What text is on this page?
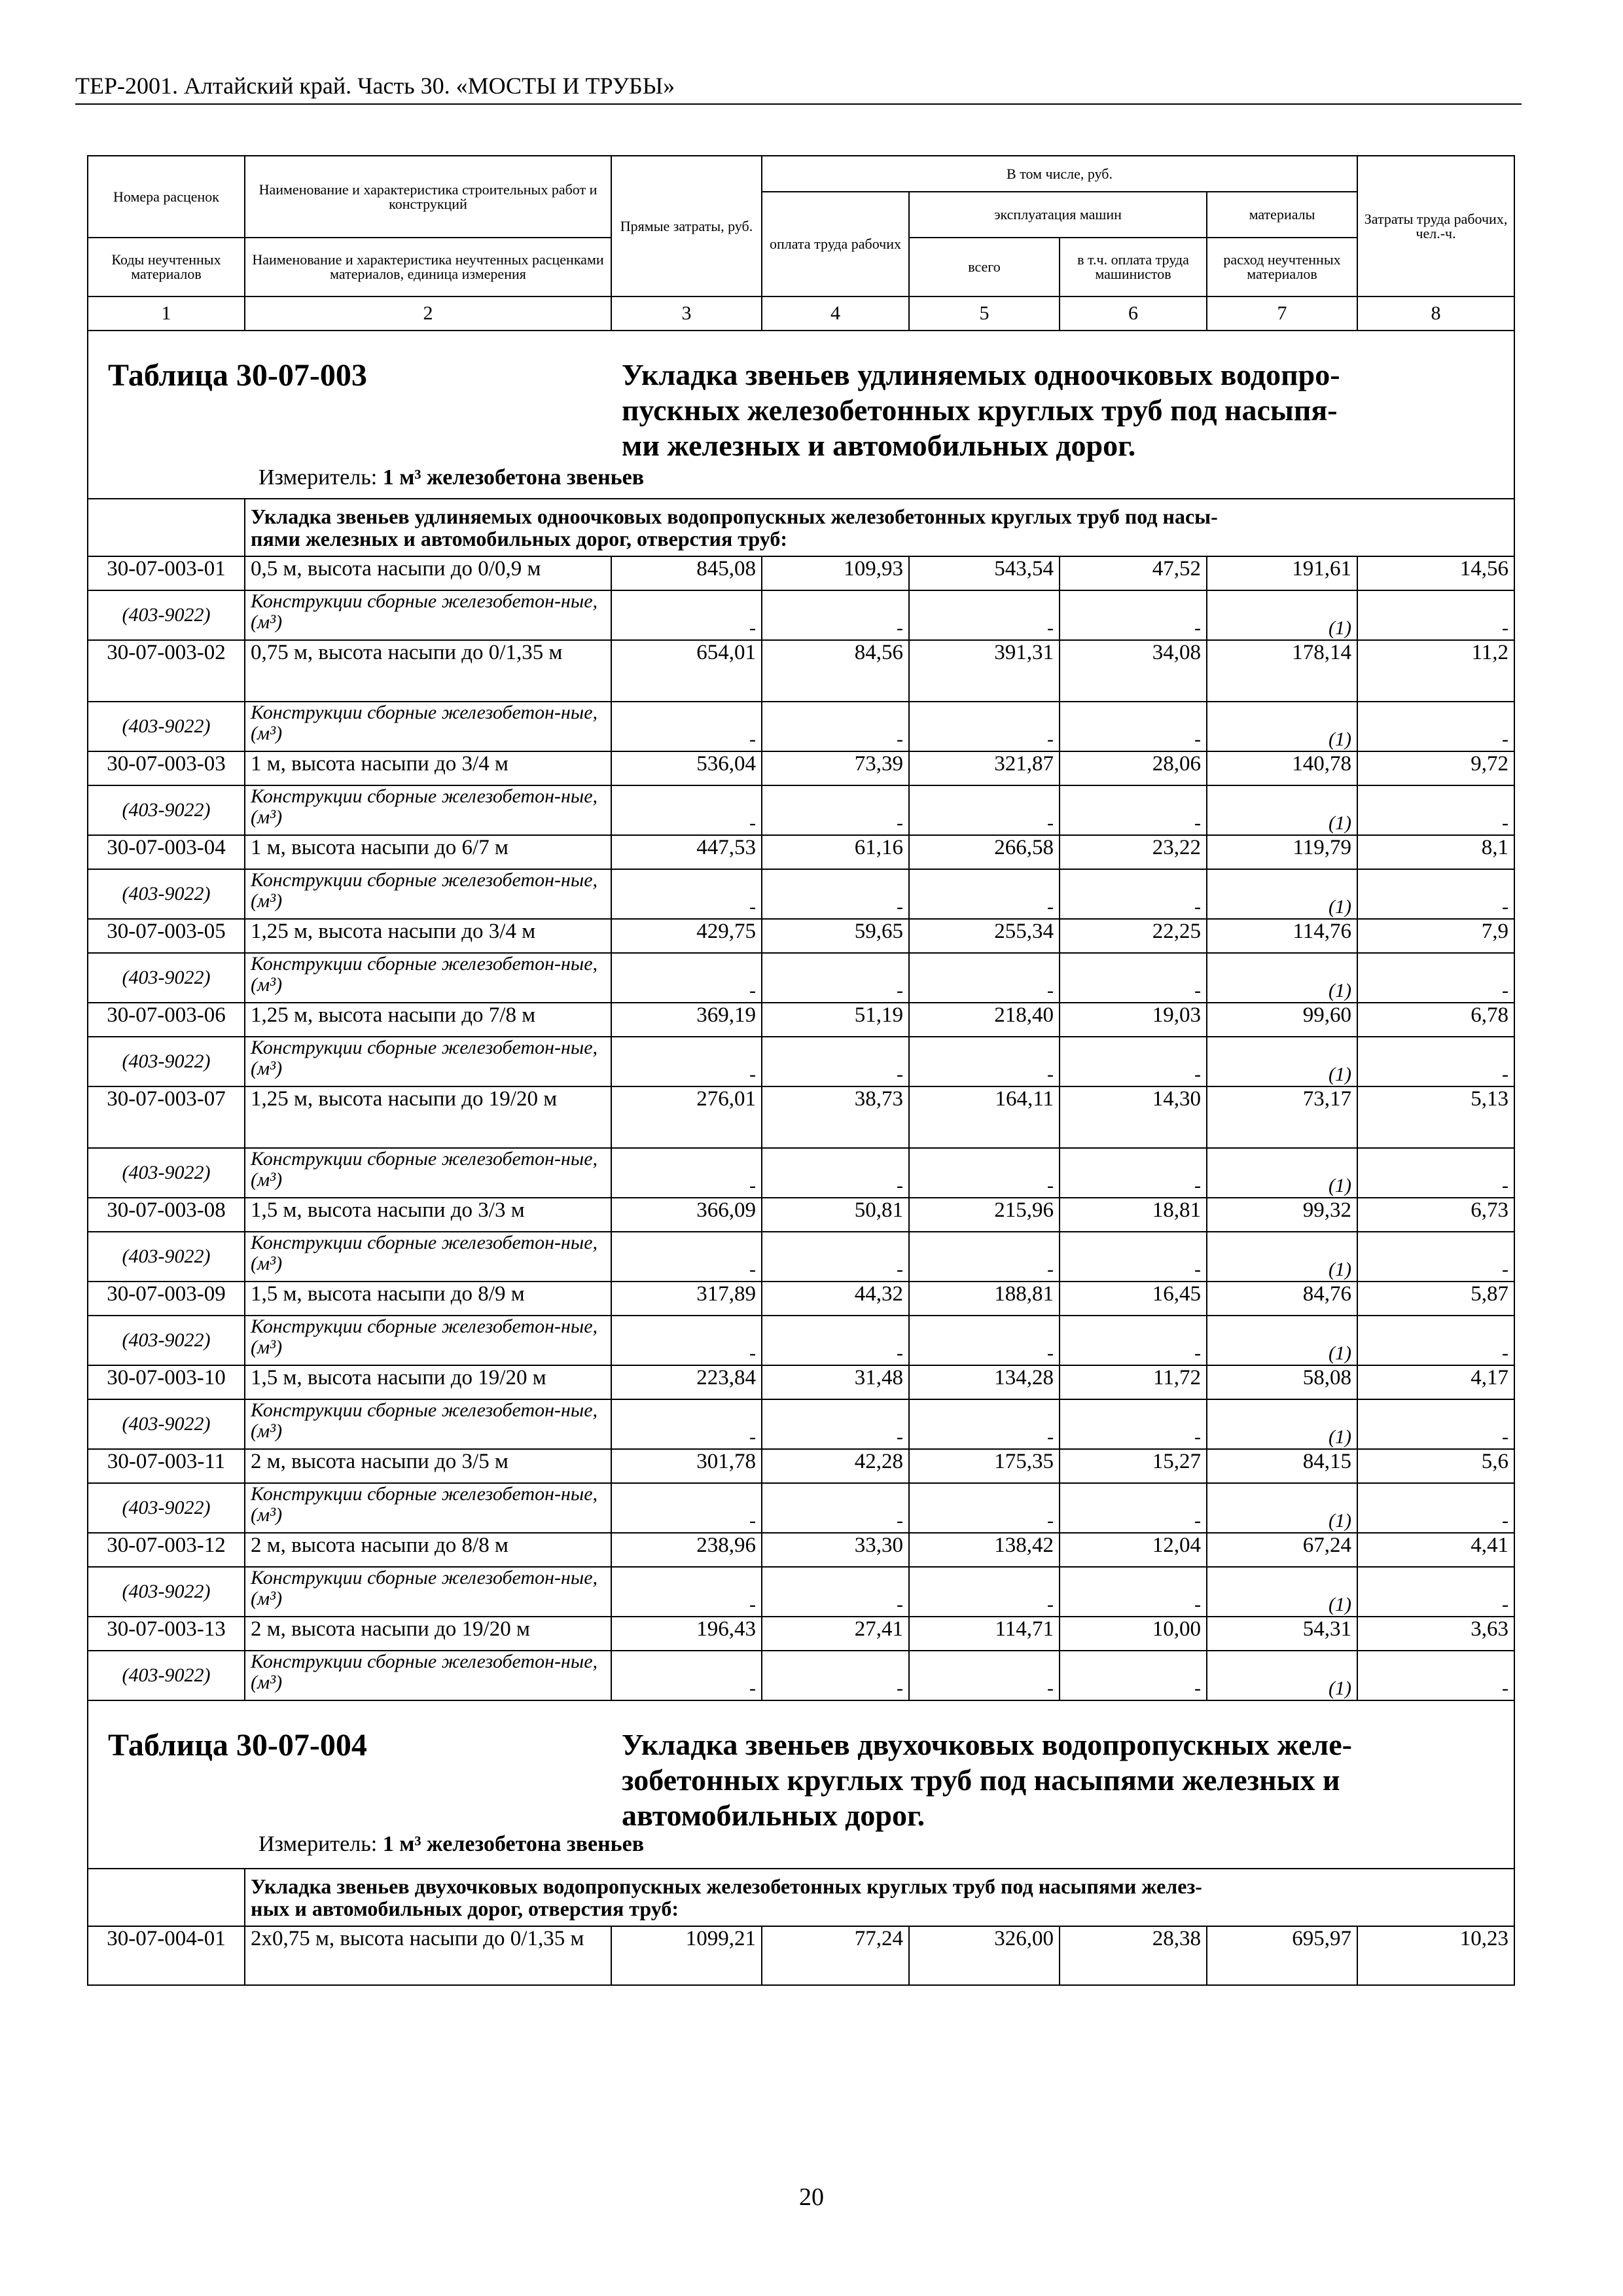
ТЕР-2001. Алтайский край. Часть 30. «МОСТЫ И ТРУБЫ»
Номера расценок	Наименование и характеристика строительных работ и конструкций	Прямые затраты, руб.	В том числе, руб.				Затраты труда рабочих, чел.-ч.
			оплата труда рабочих	эксплуатация машин		материалы	
Коды неучтенных материалов	Наименование и характеристика неучтенных расценками материалов, единица измерения			всего	в т.ч. оплата труда машинистов	расход неучтенных материалов	

1	2	3	4	5	6	7	8

Таблица 30-07-003 Укладка звеньев удлиняемых одноочковых водопро-
пускных железобетонных круглых труб под насыпя-
ми железных и автомобильных дорог.
Измеритель: 1 м³ железобетона звеньев							

	Укладка звеньев удлиняемых одноочковых водопропускных железобетонных круглых труб под насы-
пями железных и автомобильных дорог, отверстия труб:						

30-07-003-01	0,5 м, высота насыпи до 0/0,9 м	845,08	109,93	543,54	47,52	191,61	14,56
(403-9022)	Конструкции сборные железобетон-ные, (м³)	-	-	-	-	(1)	-
30-07-003-02	0,75 м, высота насыпи до 0/1,35 м	654,01	84,56	391,31	34,08	178,14	11,2
(403-9022)	Конструкции сборные железобетон-ные, (м³)	-	-	-	-	(1)	-
30-07-003-03	1 м, высота насыпи до 3/4 м	536,04	73,39	321,87	28,06	140,78	9,72
(403-9022)	Конструкции сборные железобетон-ные, (м³)	-	-	-	-	(1)	-
30-07-003-04	1 м, высота насыпи до 6/7 м	447,53	61,16	266,58	23,22	119,79	8,1
(403-9022)	Конструкции сборные железобетон-ные, (м³)	-	-	-	-	(1)	-
30-07-003-05	1,25 м, высота насыпи до 3/4 м	429,75	59,65	255,34	22,25	114,76	7,9
(403-9022)	Конструкции сборные железобетон-ные, (м³)	-	-	-	-	(1)	-
30-07-003-06	1,25 м, высота насыпи до 7/8 м	369,19	51,19	218,40	19,03	99,60	6,78
(403-9022)	Конструкции сборные железобетон-ные, (м³)	-	-	-	-	(1)	-
30-07-003-07	1,25 м, высота насыпи до 19/20 м	276,01	38,73	164,11	14,30	73,17	5,13
(403-9022)	Конструкции сборные железобетон-ные, (м³)	-	-	-	-	(1)	-
30-07-003-08	1,5 м, высота насыпи до 3/3 м	366,09	50,81	215,96	18,81	99,32	6,73
(403-9022)	Конструкции сборные железобетон-ные, (м³)	-	-	-	-	(1)	-
30-07-003-09	1,5 м, высота насыпи до 8/9 м	317,89	44,32	188,81	16,45	84,76	5,87
(403-9022)	Конструкции сборные железобетон-ные, (м³)	-	-	-	-	(1)	-
30-07-003-10	1,5 м, высота насыпи до 19/20 м	223,84	31,48	134,28	11,72	58,08	4,17
(403-9022)	Конструкции сборные железобетон-ные, (м³)	-	-	-	-	(1)	-
30-07-003-11	2 м, высота насыпи до 3/5 м	301,78	42,28	175,35	15,27	84,15	5,6
(403-9022)	Конструкции сборные железобетон-ные, (м³)	-	-	-	-	(1)	-
30-07-003-12	2 м, высота насыпи до 8/8 м	238,96	33,30	138,42	12,04	67,24	4,41
(403-9022)	Конструкции сборные железобетон-ные, (м³)	-	-	-	-	(1)	-
30-07-003-13	2 м, высота насыпи до 19/20 м	196,43	27,41	114,71	10,00	54,31	3,63
(403-9022)	Конструкции сборные железобетон-ные, (м³)	-	-	-	-	(1)	-

Таблица 30-07-004 Укладка звеньев двухочковых водопропускных желе-
зобетонных круглых труб под насыпями железных и
автомобильных дорог.
Измеритель: 1 м³ железобетона звеньев							

	Укладка звеньев двухочковых водопропускных железобетонных круглых труб под насыпями желез-
ных и автомобильных дорог, отверстия труб:						

30-07-004-01	2х0,75 м, высота насыпи до 0/1,35 м	1099,21	77,24	326,00	28,38	695,97	10,23
20
